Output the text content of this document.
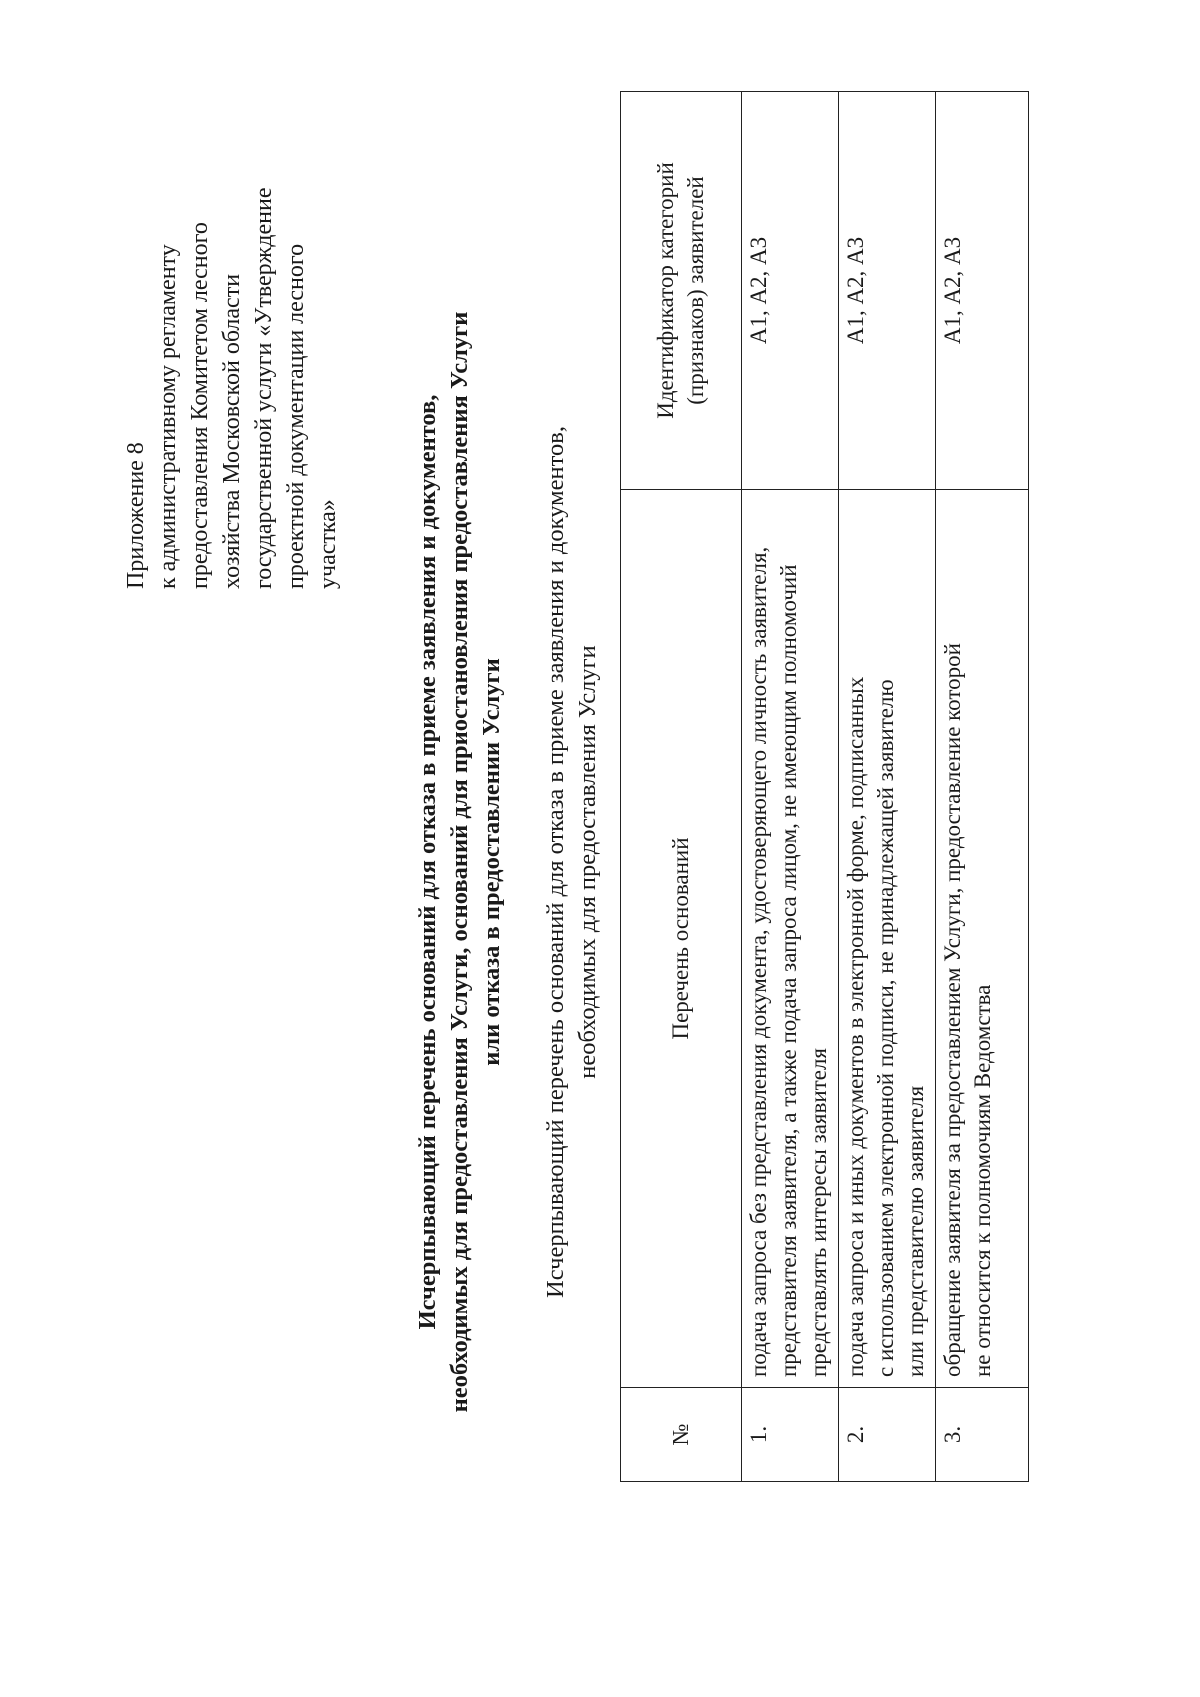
Приложение 8 к административному регламенту предоставления Комитетом лесного хозяйства Московской области государственной услуги «Утверждение проектной документации лесного участка»	Исчерпывающий перечень оснований для отказа в приеме заявления и документов, необходимых для предоставления Услуги, оснований для приостановления предоставления Услуги или отказа в предоставлении Услуги Исчерпывающий перечень оснований для отказа в приеме заявления и документов, необходимых для предоставления Услуги
№	Перечень оснований	Идентификатор категорий (признаков) заявителей

1.	подача запроса без представления документа, удостоверяющего личность заявителя, представителя заявителя, а также подача запроса лицом, не имеющим полномочий представлять интересы заявителя	А1, А2, А3
2.	подача запроса и иных документов в электронной форме, подписанных с использованием электронной подписи, не принадлежащей заявителю или представителю заявителя	А1, А2, А3
3.	обращение заявителя за предоставлением Услуги, предоставление которой не относится к полномочиям Ведомства	А1, А2, А3
